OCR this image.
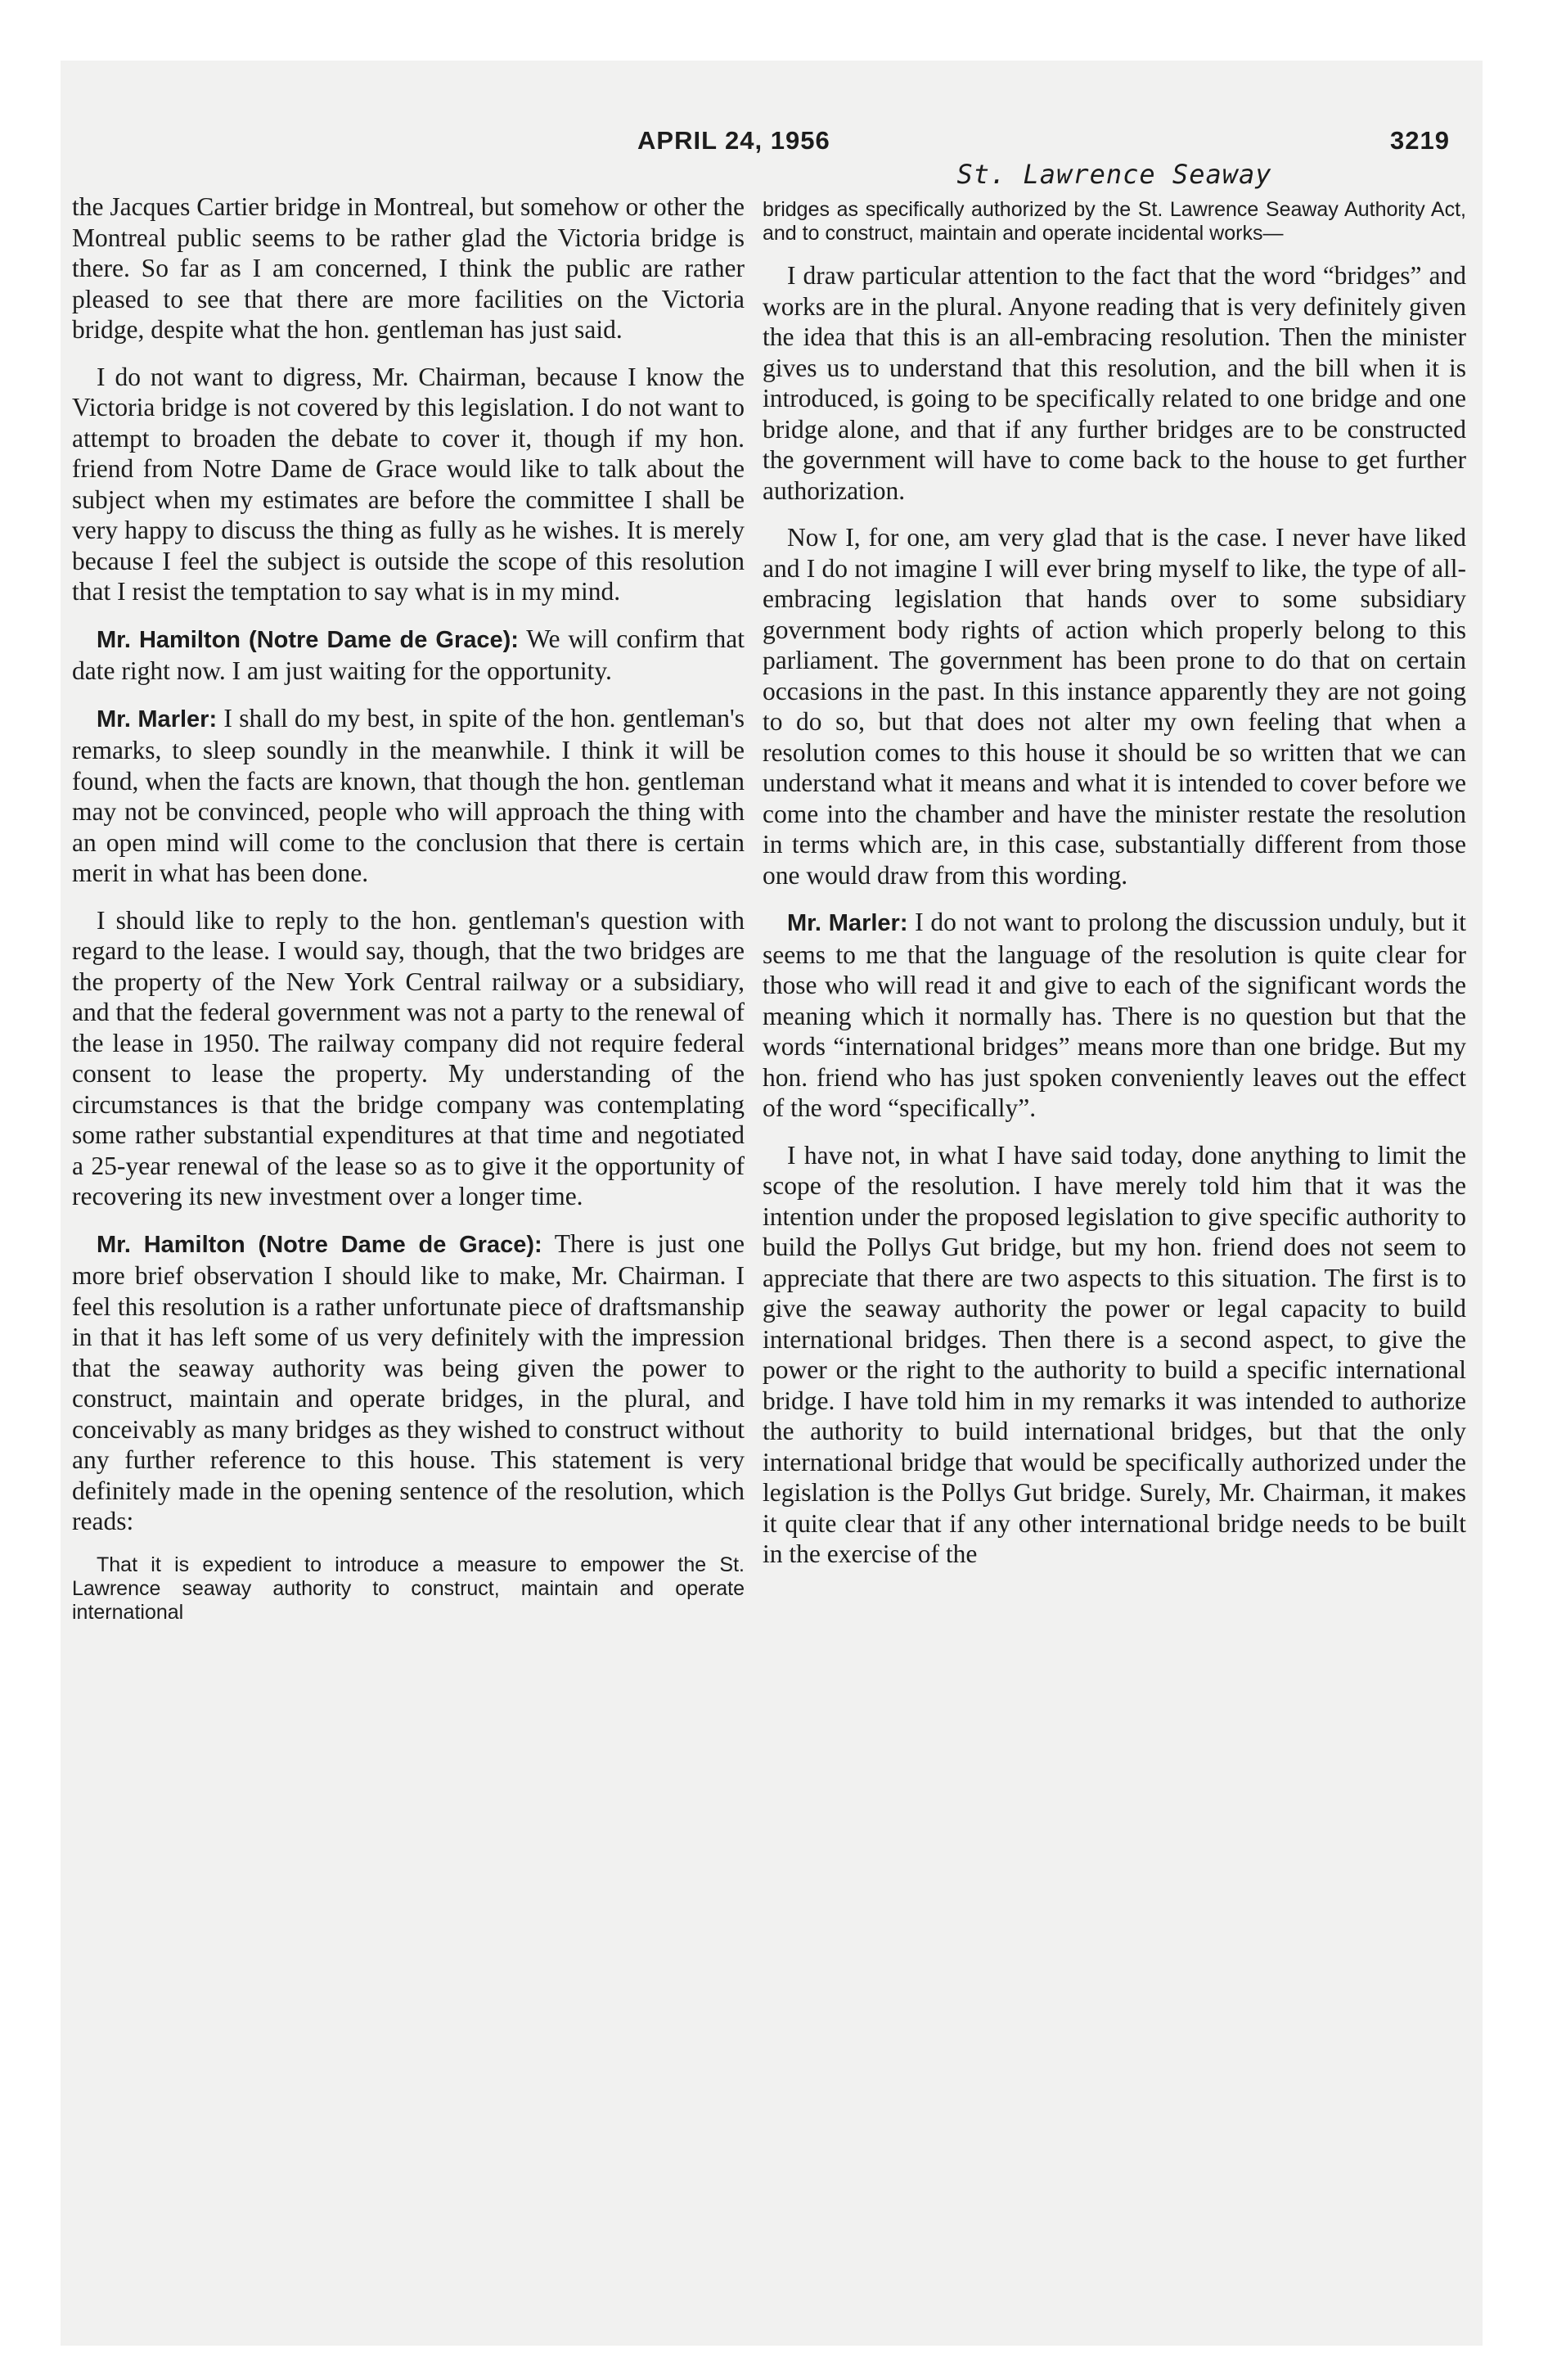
APRIL 24, 1956	3219

the Jacques Cartier bridge in Montreal, but somehow or other the Montreal public seems to be rather glad the Victoria bridge is there. So far as I am concerned, I think the public are rather pleased to see that there are more facilities on the Victoria bridge, despite what the hon. gentleman has just said.

I do not want to digress, Mr. Chairman, because I know the Victoria bridge is not covered by this legislation. I do not want to attempt to broaden the debate to cover it, though if my hon. friend from Notre Dame de Grace would like to talk about the subject when my estimates are before the committee I shall be very happy to discuss the thing as fully as he wishes. It is merely because I feel the subject is outside the scope of this resolution that I resist the temptation to say what is in my mind.

Mr. Hamilton (Notre Dame de Grace): We will confirm that date right now. I am just waiting for the opportunity.

Mr. Marler: I shall do my best, in spite of the hon. gentleman's remarks, to sleep soundly in the meanwhile. I think it will be found, when the facts are known, that though the hon. gentleman may not be convinced, people who will approach the thing with an open mind will come to the conclusion that there is certain merit in what has been done.

I should like to reply to the hon. gentleman's question with regard to the lease. I would say, though, that the two bridges are the property of the New York Central railway or a subsidiary, and that the federal government was not a party to the renewal of the lease in 1950. The railway company did not require federal consent to lease the property. My understanding of the circumstances is that the bridge company was contemplating some rather substantial expenditures at that time and negotiated a 25-year renewal of the lease so as to give it the opportunity of recovering its new investment over a longer time.

Mr. Hamilton (Notre Dame de Grace): There is just one more brief observation I should like to make, Mr. Chairman. I feel this resolution is a rather unfortunate piece of draftsmanship in that it has left some of us very definitely with the impression that the seaway authority was being given the power to construct, maintain and operate bridges, in the plural, and conceivably as many bridges as they wished to construct without any further reference to this house. This statement is very definitely made in the opening sentence of the resolution, which reads:

That it is expedient to introduce a measure to empower the St. Lawrence seaway authority to construct, maintain and operate international
St. Lawrence Seaway
bridges as specifically authorized by the St. Lawrence Seaway Authority Act, and to construct, maintain and operate incidental works—

I draw particular attention to the fact that the word “bridges” and works are in the plural. Anyone reading that is very definitely given the idea that this is an all-embracing resolution. Then the minister gives us to understand that this resolution, and the bill when it is introduced, is going to be specifically related to one bridge and one bridge alone, and that if any further bridges are to be constructed the government will have to come back to the house to get further authorization.

Now I, for one, am very glad that is the case. I never have liked and I do not imagine I will ever bring myself to like, the type of all-embracing legislation that hands over to some subsidiary government body rights of action which properly belong to this parliament. The government has been prone to do that on certain occasions in the past. In this instance apparently they are not going to do so, but that does not alter my own feeling that when a resolution comes to this house it should be so written that we can understand what it means and what it is intended to cover before we come into the chamber and have the minister restate the resolution in terms which are, in this case, substantially different from those one would draw from this wording.

Mr. Marler: I do not want to prolong the discussion unduly, but it seems to me that the language of the resolution is quite clear for those who will read it and give to each of the significant words the meaning which it normally has. There is no question but that the words “international bridges” means more than one bridge. But my hon. friend who has just spoken conveniently leaves out the effect of the word “specifically”.

I have not, in what I have said today, done anything to limit the scope of the resolution. I have merely told him that it was the intention under the proposed legislation to give specific authority to build the Pollys Gut bridge, but my hon. friend does not seem to appreciate that there are two aspects to this situation. The first is to give the seaway authority the power or legal capacity to build international bridges. Then there is a second aspect, to give the power or the right to the authority to build a specific international bridge. I have told him in my remarks it was intended to authorize the authority to build international bridges, but that the only international bridge that would be specifically authorized under the legislation is the Pollys Gut bridge. Surely, Mr. Chairman, it makes it quite clear that if any other international bridge needs to be built in the exercise of the
